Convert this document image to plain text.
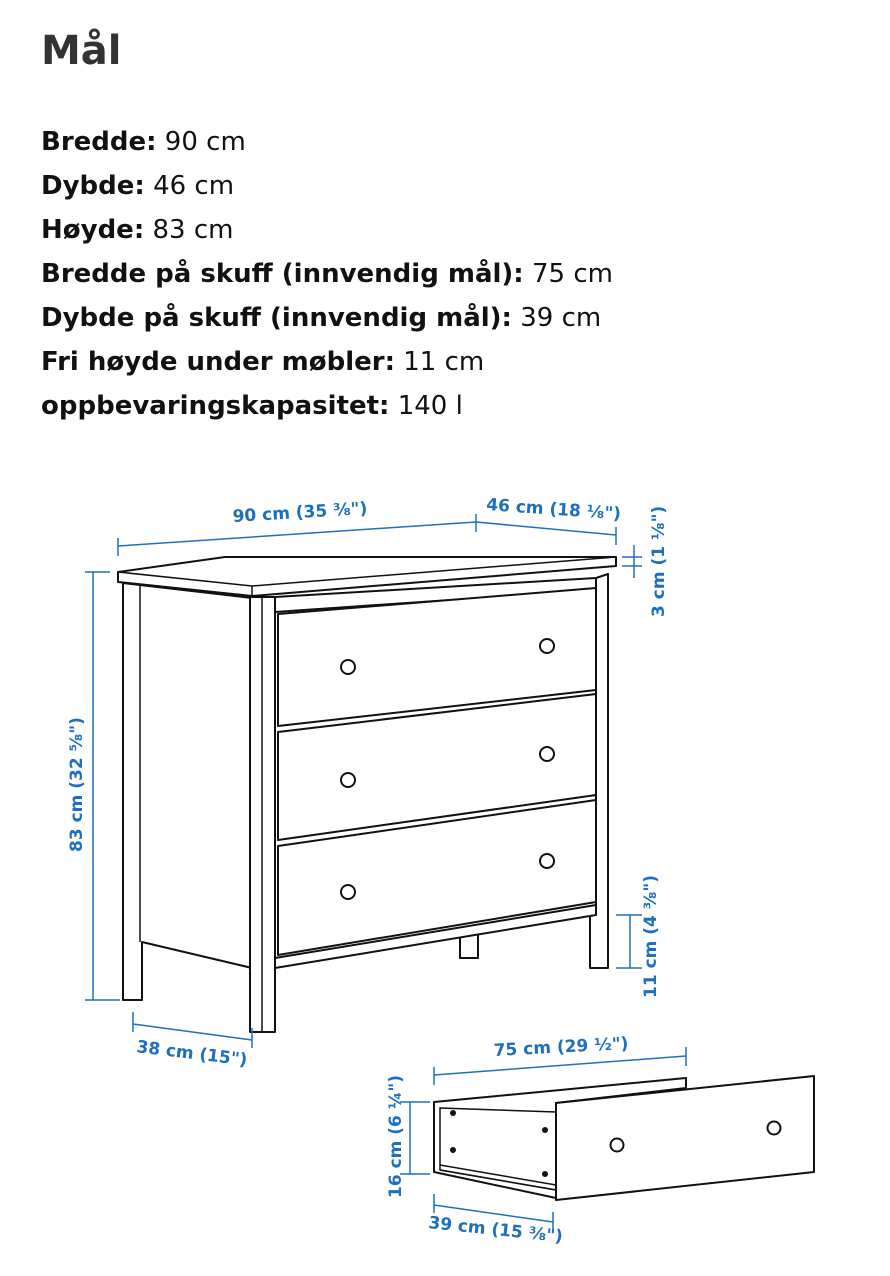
Mål
Bredde: 90 cm
Dybde: 46 cm
Høyde: 83 cm
Bredde på skuff (innvendig mål): 75 cm
Dybde på skuff (innvendig mål): 39 cm
Fri høyde under møbler: 11 cm
oppbevaringskapasitet: 140 l
90 cm (35 ⅜")	46 cm (18 ⅛") 3 cm (1 ⅛")
83 cm (32 ⅝")
11 cm (4 ⅜")
38 cm (15")	75 cm (29 ½")
16 cm (6 ¼")
39 cm (15 ⅜")
